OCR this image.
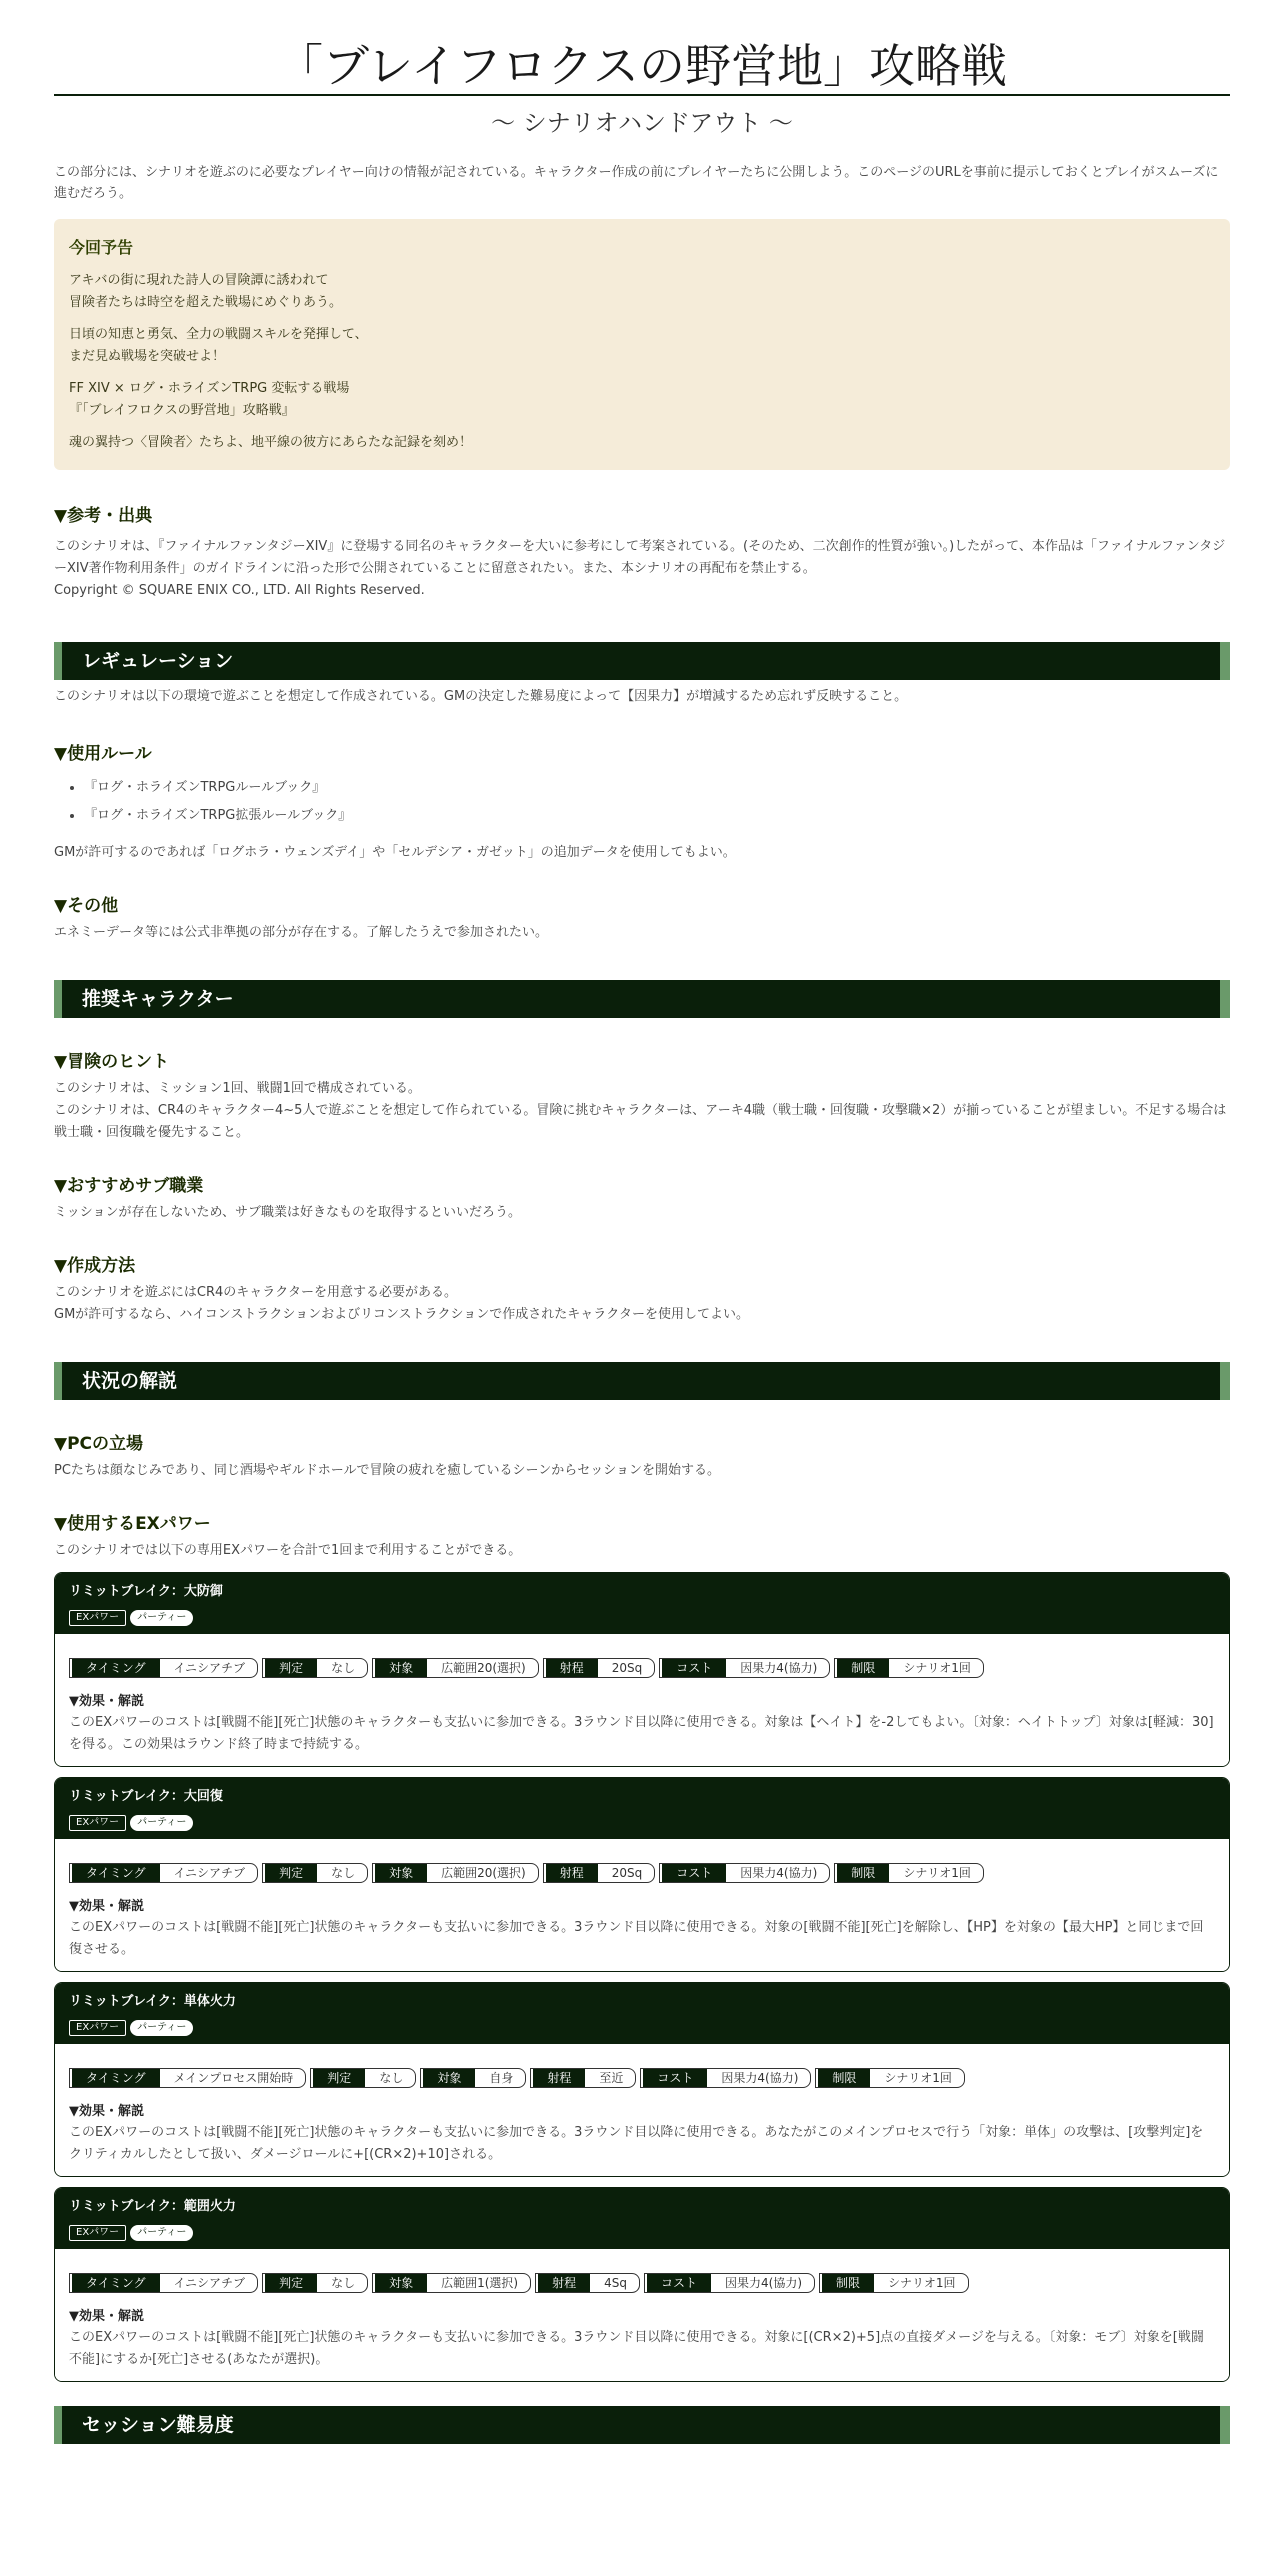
「ブレイフロクスの野営地」攻略戦
～ シナリオハンドアウト ～

この部分には、シナリオを遊ぶのに必要なプレイヤー向けの情報が記されている。キャラクター作成の前にプレイヤーたちに公開しよう。このページのURLを事前に提示しておくとプレイがスムーズに進むだろう。

今回予告

アキバの街に現れた詩人の冒険譚に誘われて
冒険者たちは時空を超えた戦場にめぐりあう。

日頃の知恵と勇気、全力の戦闘スキルを発揮して、
まだ見ぬ戦場を突破せよ！

FF XIV × ログ・ホライズンTRPG 変転する戦場
『「ブレイフロクスの野営地」攻略戦』

魂の翼持つ〈冒険者〉たちよ、地平線の彼方にあらたな記録を刻め！

▼参考・出典

このシナリオは、『ファイナルファンタジーXIV』に登場する同名のキャラクターを大いに参考にして考案されている。(そのため、二次創作的性質が強い。)したがって、本作品は「ファイナルファンタジーXIV著作物利用条件」のガイドラインに沿った形で公開されていることに留意されたい。また、本シナリオの再配布を禁止する。

Copyright © SQUARE ENIX CO., LTD. All Rights Reserved.

レギュレーション

このシナリオは以下の環境で遊ぶことを想定して作成されている。GMの決定した難易度によって【因果力】が増減するため忘れず反映すること。

▼使用ルール
• 『ログ・ホライズンTRPGルールブック』
• 『ログ・ホライズンTRPG拡張ルールブック』

GMが許可するのであれば「ログホラ・ウェンズデイ」や「セルデシア・ガゼット」の追加データを使用してもよい。

▼その他

エネミーデータ等には公式非準拠の部分が存在する。了解したうえで参加されたい。

推奨キャラクター
▼冒険のヒント

このシナリオは、ミッション1回、戦闘1回で構成されている。

このシナリオは、CR4のキャラクター4~5人で遊ぶことを想定して作られている。冒険に挑むキャラクターは、アーキ4職（戦士職・回復職・攻撃職×2）が揃っていることが望ましい。不足する場合は戦士職・回復職を優先すること。

▼おすすめサブ職業

ミッションが存在しないため、サブ職業は好きなものを取得するといいだろう。

▼作成方法

このシナリオを遊ぶにはCR4のキャラクターを用意する必要がある。

GMが許可するなら、ハイコンストラクションおよびリコンストラクションで作成されたキャラクターを使用してよい。

状況の解説
▼PCの立場

PCたちは顔なじみであり、同じ酒場やギルドホールで冒険の疲れを癒しているシーンからセッションを開始する。

▼使用するEXパワー

このシナリオでは以下の専用EXパワーを合計で1回まで利用することができる。

リミットブレイク：大防御
EXパワー パーティー
タイミング	イニシアチブ	判定	なし	対象	広範囲20(選択)	射程	20Sq	コスト	因果力4(協力)	制限	シナリオ1回
▼効果・解説
このEXパワーのコストは[戦闘不能][死亡]状態のキャラクターも支払いに参加できる。3ラウンド目以降に使用できる。対象は【ヘイト】を-2してもよい。〔対象：ヘイトトップ〕対象は[軽減：30]を得る。この効果はラウンド終了時まで持続する。
リミットブレイク：大回復
EXパワー パーティー
タイミング	イニシアチブ	判定	なし	対象	広範囲20(選択)	射程	20Sq	コスト	因果力4(協力)	制限	シナリオ1回
▼効果・解説
このEXパワーのコストは[戦闘不能][死亡]状態のキャラクターも支払いに参加できる。3ラウンド目以降に使用できる。対象の[戦闘不能][死亡]を解除し、【HP】を対象の【最大HP】と同じまで回復させる。
リミットブレイク：単体火力
EXパワー パーティー
タイミング	メインプロセス開始時	判定	なし	対象	自身	射程	至近	コスト	因果力4(協力)	制限	シナリオ1回
▼効果・解説
このEXパワーのコストは[戦闘不能][死亡]状態のキャラクターも支払いに参加できる。3ラウンド目以降に使用できる。あなたがこのメインプロセスで行う「対象：単体」の攻撃は、[攻撃判定]をクリティカルしたとして扱い、ダメージロールに+[(CR×2)+10]される。
リミットブレイク：範囲火力
EXパワー パーティー
タイミング	イニシアチブ	判定	なし	対象	広範囲1(選択)	射程	4Sq	コスト	因果力4(協力)	制限	シナリオ1回
▼効果・解説
このEXパワーのコストは[戦闘不能][死亡]状態のキャラクターも支払いに参加できる。3ラウンド目以降に使用できる。対象に[(CR×2)+5]点の直接ダメージを与える。〔対象：モブ〕対象を[戦闘不能]にするか[死亡]させる(あなたが選択)。
セッション難易度
